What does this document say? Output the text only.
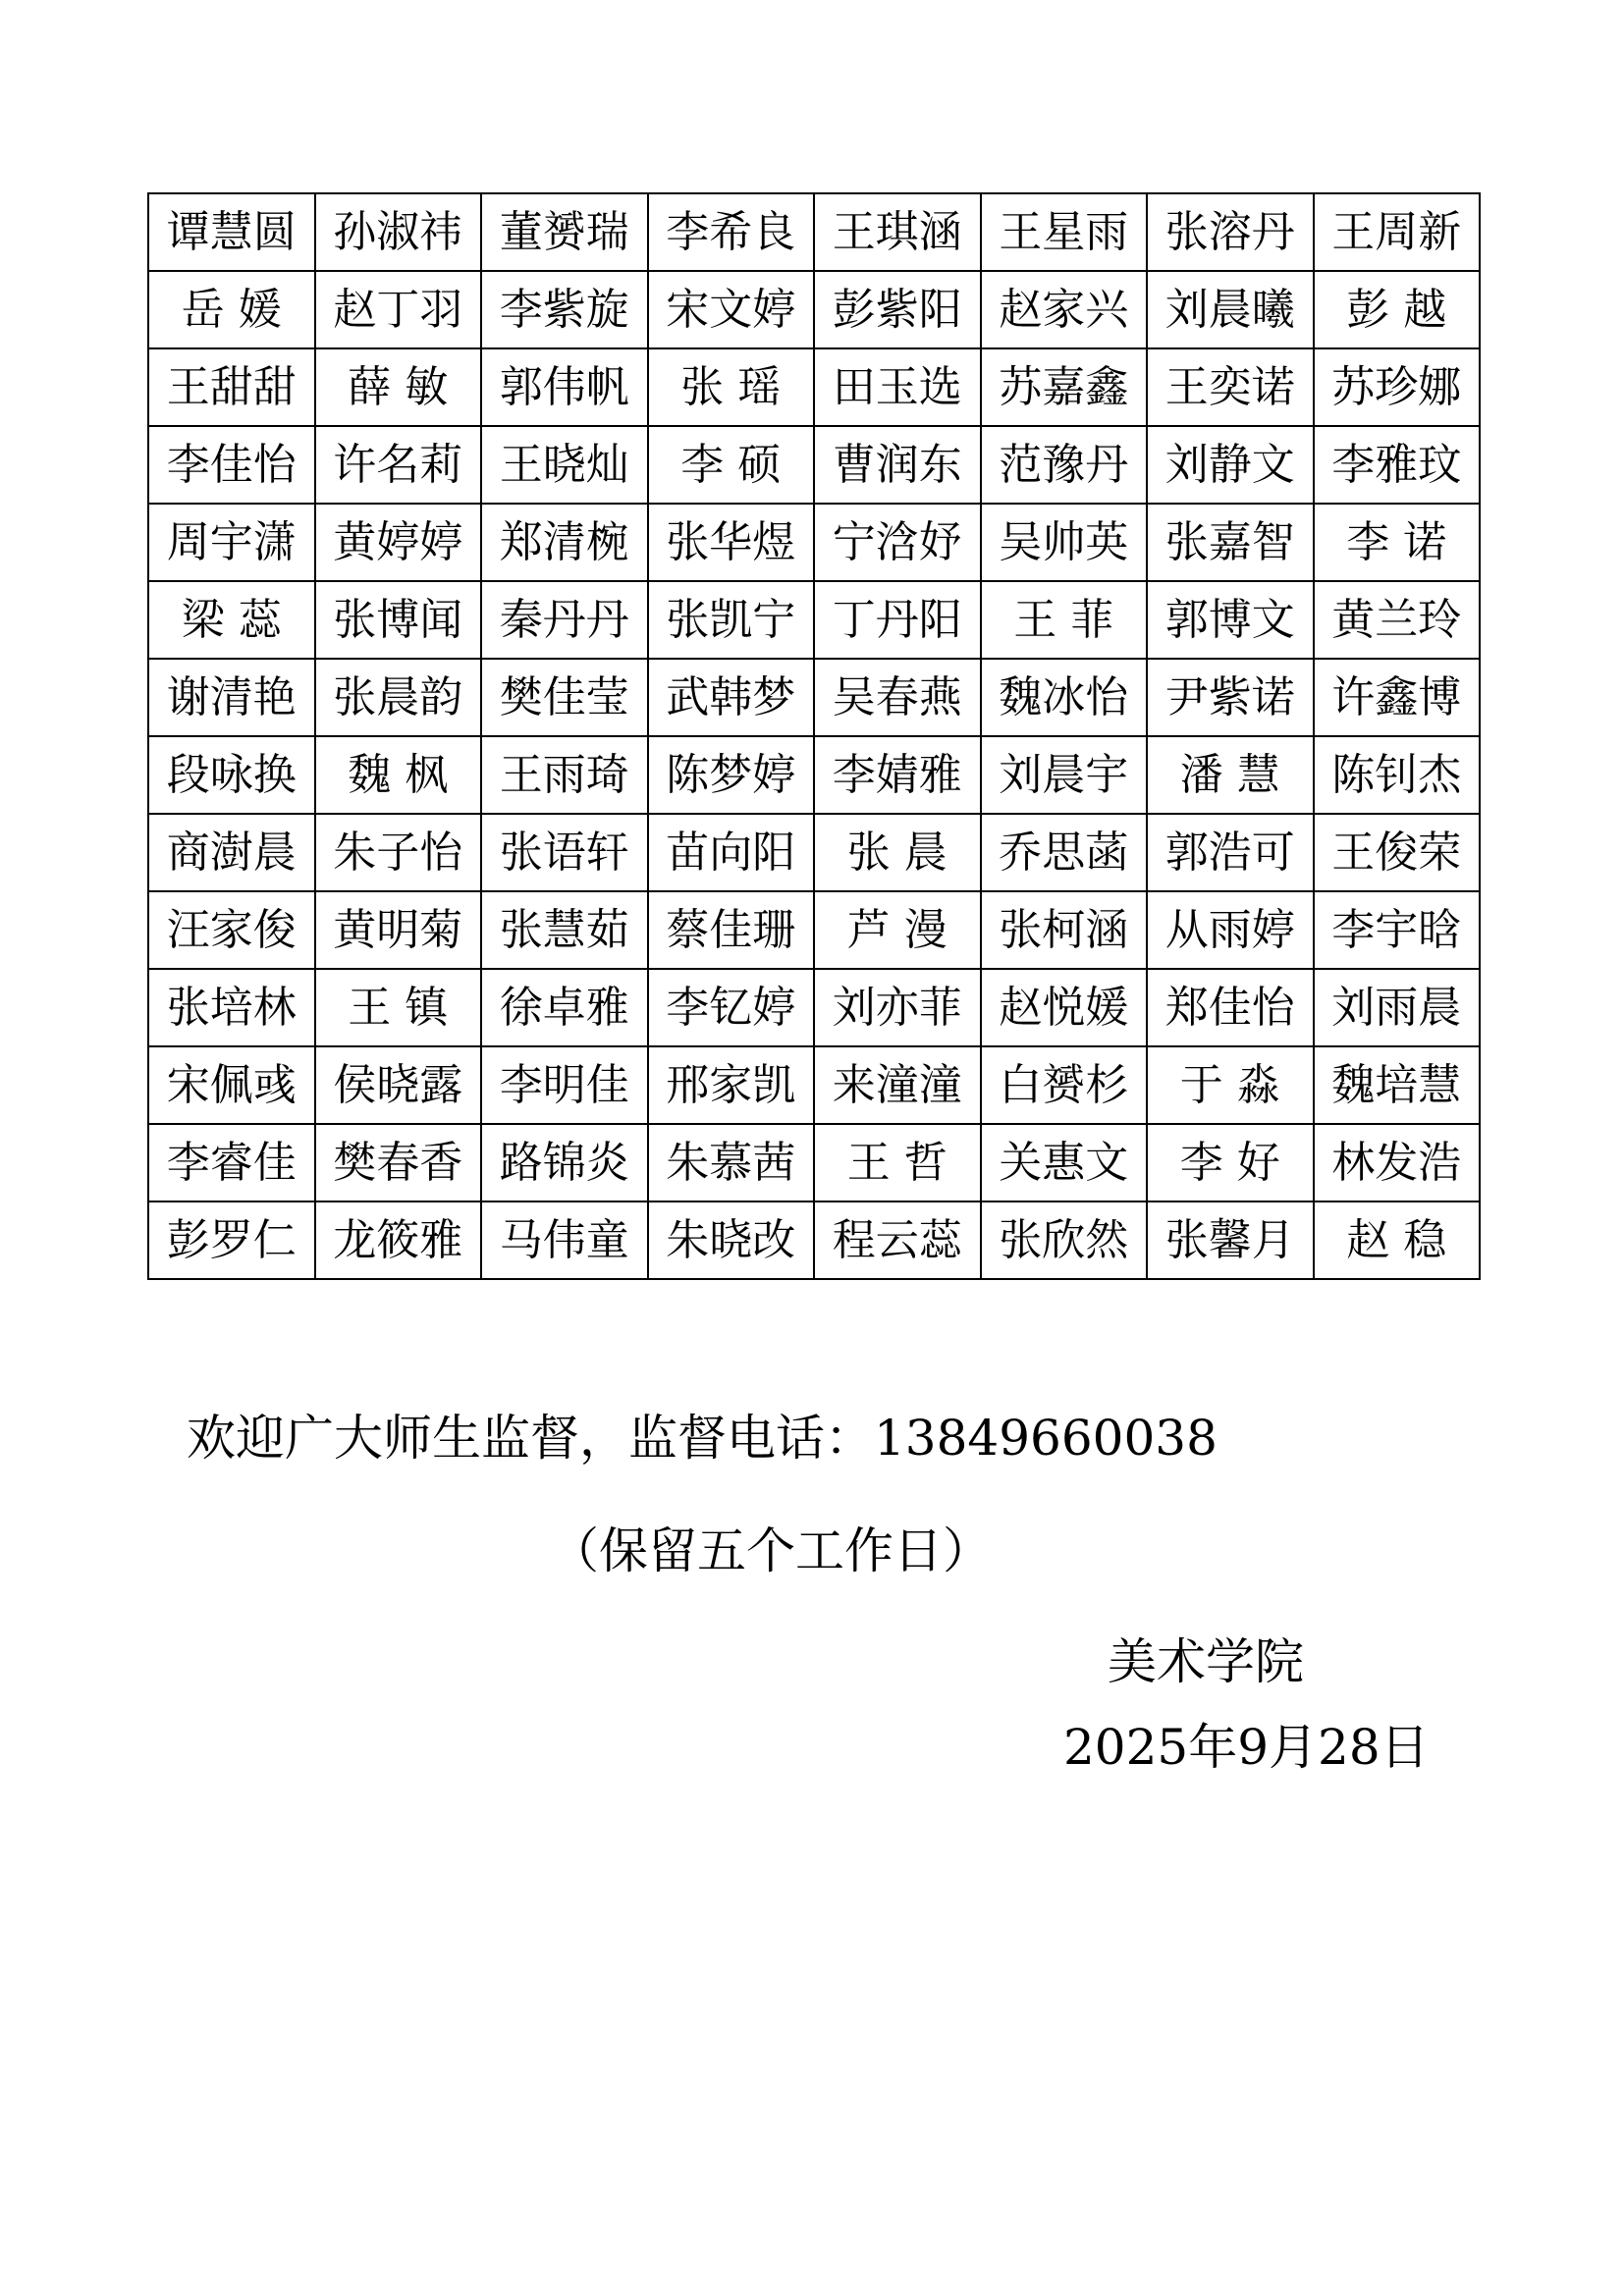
谭慧圆	孙淑祎	董赟瑞	李希良	王琪涵	王星雨	张溶丹	王周新
岳 媛	赵丁羽	李紫旋	宋文婷	彭紫阳	赵家兴	刘晨曦	彭 越
王甜甜	薛 敏	郭伟帆	张 瑶	田玉选	苏嘉鑫	王奕诺	苏珍娜
李佳怡	许名莉	王晓灿	李 硕	曹润东	范豫丹	刘静文	李雅玟
周宇潇	黄婷婷	郑清椀	张华煜	宁浛妤	吴帅英	张嘉智	李 诺
梁 蕊	张博闻	秦丹丹	张凯宁	丁丹阳	王 菲	郭博文	黄兰玲
谢清艳	张晨韵	樊佳莹	武韩梦	吴春燕	魏冰怡	尹紫诺	许鑫博
段咏换	魏 枫	王雨琦	陈梦婷	李婧雅	刘晨宇	潘 慧	陈钊杰
商澍晨	朱子怡	张语轩	苗向阳	张 晨	乔思菡	郭浩可	王俊荣
汪家俊	黄明菊	张慧茹	蔡佳珊	芦 漫	张柯涵	从雨婷	李宇晗
张培林	王 镇	徐卓雅	李钇婷	刘亦菲	赵悦媛	郑佳怡	刘雨晨
宋佩彧	侯晓露	李明佳	邢家凯	来潼潼	白赟杉	于 淼	魏培慧
李睿佳	樊春香	路锦炎	朱慕茜	王 哲	关惠文	李 好	林发浩
彭罗仁	龙筱雅	马伟童	朱晓改	程云蕊	张欣然	张馨月	赵 稳
欢迎广大师生监督，监督电话：13849660038
（保留五个工作日）
美术学院
2025年9月28日
